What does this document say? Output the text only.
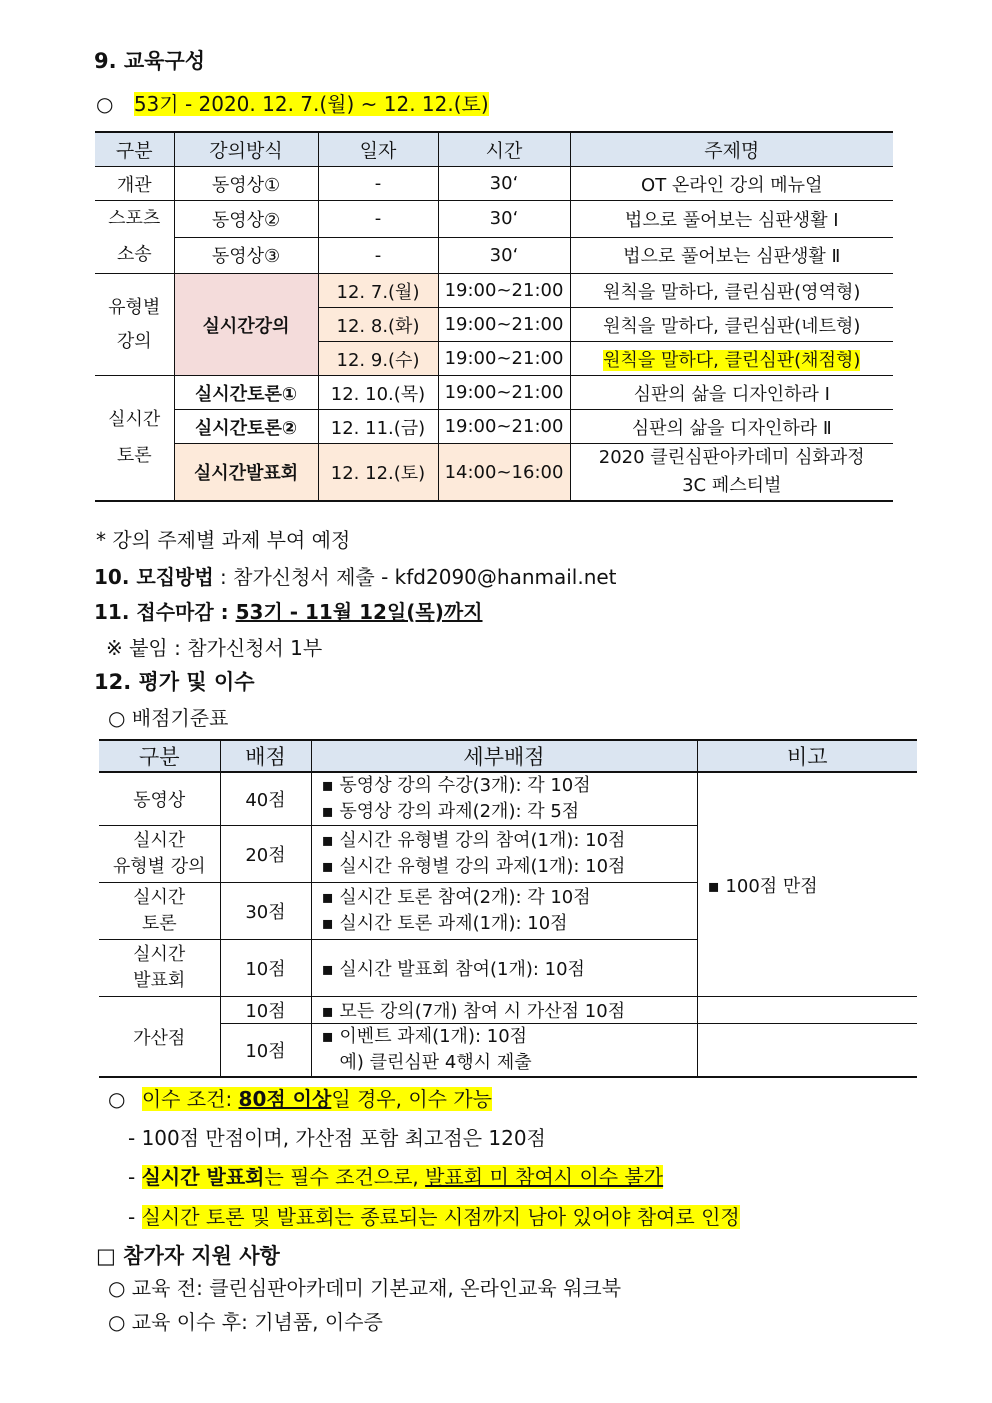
9. 교육구성
○ 53기 - 2020. 12. 7.(월) ~ 12. 12.(토)
구분	강의방식	일자	시간	주제명
개관	동영상①	-	30‘	OT 온라인 강의 메뉴얼

스포츠
소송	동영상②	-	30‘	법으로 풀어보는 심판생활 Ⅰ
	동영상③	-	30‘	법으로 풀어보는 심판생활 Ⅱ

유형별
강의	실시간강의	12. 7.(월)	19:00~21:00	원칙을 말하다, 클린심판(영역형)
		12. 8.(화)	19:00~21:00	원칙을 말하다, 클린심판(네트형)
		12. 9.(수)	19:00~21:00	원칙을 말하다, 클린심판(채점형)

실시간
토론	실시간토론①	12. 10.(목)	19:00~21:00	심판의 삶을 디자인하라 Ⅰ
	실시간토론②	12. 11.(금)	19:00~21:00	심판의 삶을 디자인하라 Ⅱ
	실시간발표회	12. 12.(토)	14:00~16:00	2020 클린심판아카데미 심화과정
3C 페스티벌
* 강의 주제별 과제 부여 예정
10. 모집방법 : 참가신청서 제출 - kfd2090@hanmail.net
11. 접수마감 : 53기 - 11월 12일(목)까지
※ 붙임 : 참가신청서 1부
12. 평가 및 이수
○ 배점기준표
구분	배점	세부배점	비고
동영상	40점	▪ 동영상 강의 수강(3개): 각 10점
▪ 동영상 강의 과제(2개): 각 5점	▪ 100점 만점

실시간
유형별 강의	20점	▪ 실시간 유형별 강의 참여(1개): 10점
▪ 실시간 유형별 강의 과제(1개): 10점	

실시간
토론	30점	▪ 실시간 토론 참여(2개): 각 10점
▪ 실시간 토론 과제(1개): 10점	

실시간
발표회	10점	▪ 실시간 발표회 참여(1개): 10점	
가산점	10점	▪ 모든 강의(7개) 참여 시 가산점 10점	
	10점	▪ 이벤트 과제(1개): 10점
예) 클린심판 4행시 제출	

○ 이수 조건: 80점 이상일 경우, 이수 가능
- 100점 만점이며, 가산점 포함 최고점은 120점
- 실시간 발표회는 필수 조건으로, 발표회 미 참여시 이수 불가
- 실시간 토론 및 발표회는 종료되는 시점까지 남아 있어야 참여로 인정
□ 참가자 지원 사항
○ 교육 전: 클린심판아카데미 기본교재, 온라인교육 워크북
○ 교육 이수 후: 기념품, 이수증
